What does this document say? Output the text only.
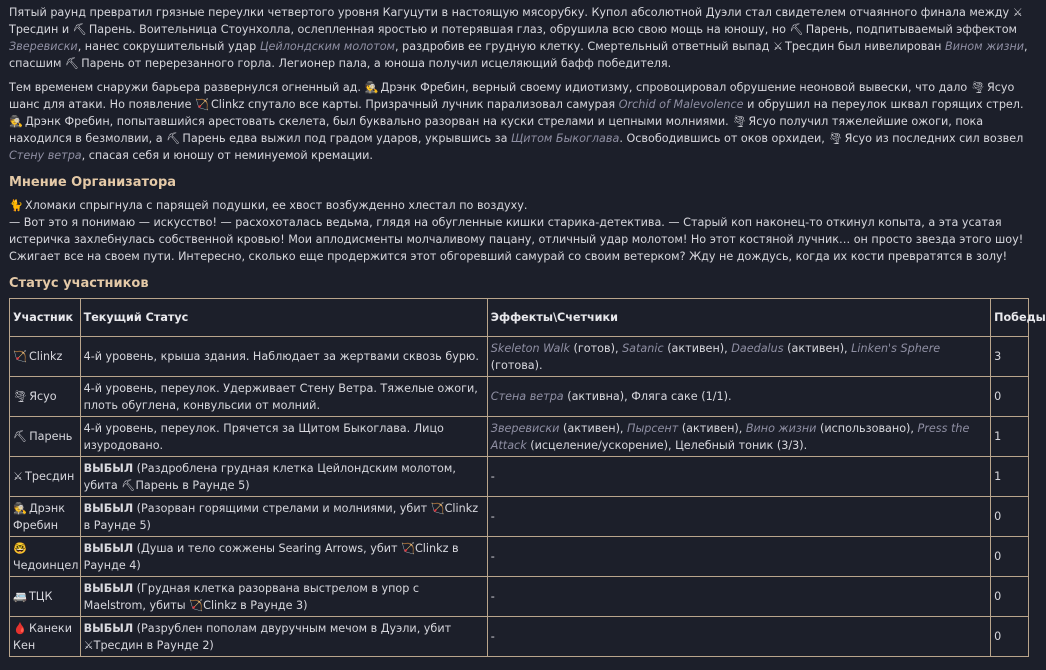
Пятый раунд превратил грязные переулки четвертого уровня Кагуцути в настоящую мясорубку. Купол абсолютной Дуэли стал свидетелем отчаянного финала между ⚔Тресдин и ⛏ Парень. Воительница Стоунхолла, ослепленная яростью и потерявшая глаз, обрушила всю свою мощь на юношу, но ⛏ Парень, подпитываемый эффектом Зверевиски, нанес сокрушительный удар Цейлондским молотом, раздробив ее грудную клетку. Смертельный ответный выпад ⚔ Тресдин был нивелирован Вином жизни, спасшим ⛏ Парень от перерезанного горла. Легионер пала, а юноша получил исцеляющий бафф победителя.

Тем временем снаружи барьера развернулся огненный ад. 🕵 Дрэнк Фребин, верный своему идиотизму, спровоцировал обрушение неоновой вывески, что дало 🌪 Ясуо шанс для атаки. Но появление 🏹 Clinkz спутало все карты. Призрачный лучник парализовал самурая Orchid of Malevolence и обрушил на переулок шквал горящих стрел. 🕵 Дрэнк Фребин, попытавшийся арестовать скелета, был буквально разорван на куски стрелами и цепными молниями. 🌪 Ясуо получил тяжелейшие ожоги, пока находился в безмолвии, а ⛏ Парень едва выжил под градом ударов, укрывшись за Щитом Быкоглава. Освободившись от оков орхидеи, 🌪 Ясуо из последних сил возвел Стену ветра, спасая себя и юношу от неминуемой кремации.

Мнение Организатора

🐈 Хломаки спрыгнула с парящей подушки, ее хвост возбужденно хлестал по воздуху.
— Вот это я понимаю — искусство! — расхохоталась ведьма, глядя на обугленные кишки старика-детектива. — Старый коп наконец-то откинул копыта, а эта усатая истеричка захлебнулась собственной кровью! Мои аплодисменты молчаливому пацану, отличный удар молотом! Но этот костяной лучник… он просто звезда этого шоу! Сжигает все на своем пути. Интересно, сколько еще продержится этот обгоревший самурай со своим ветерком? Жду не дождусь, когда их кости превратятся в золу!

Статус участников
Участник	Текущий Статус	Эффекты\Счетчики	Победы
🏹 Clinkz	4-й уровень, крыша здания. Наблюдает за жертвами сквозь бурю.	Skeleton Walk (готов), Satanic (активен), Daedalus (активен), Linken's Sphere (готова).	3
🌪 Ясуо	4-й уровень, переулок. Удерживает Стену Ветра. Тяжелые ожоги, плоть обуглена, конвульсии от молний.	Стена ветра (активна), Фляга саке (1/1).	0
⛏ Парень	4-й уровень, переулок. Прячется за Щитом Быкоглава. Лицо изуродовано.	Зверевиски (активен), Пырсент (активен), Вино жизни (использовано), Press the Attack (исцеление/ускорение), Целебный тоник (3/3).	1
⚔ Тресдин	ВЫБЫЛ (Раздроблена грудная клетка Цейлондским молотом, убита ⛏Парень в Раунде 5)	-	1
🕵 Дрэнк Фребин	ВЫБЫЛ (Разорван горящими стрелами и молниями, убит 🏹Clinkz в Раунде 5)	-	0
🤓Чедоинцел	ВЫБЫЛ (Душа и тело сожжены Searing Arrows, убит 🏹Clinkz в Раунде 4)	-	0
🚐 ТЦК	ВЫБЫЛ (Грудная клетка разорвана выстрелом в упор с Maelstrom, убиты 🏹Clinkz в Раунде 3)	-	0
🩸 Канеки Кен	ВЫБЫЛ (Разрублен пополам двуручным мечом в Дуэли, убит ⚔Тресдин в Раунде 2)	-	0
